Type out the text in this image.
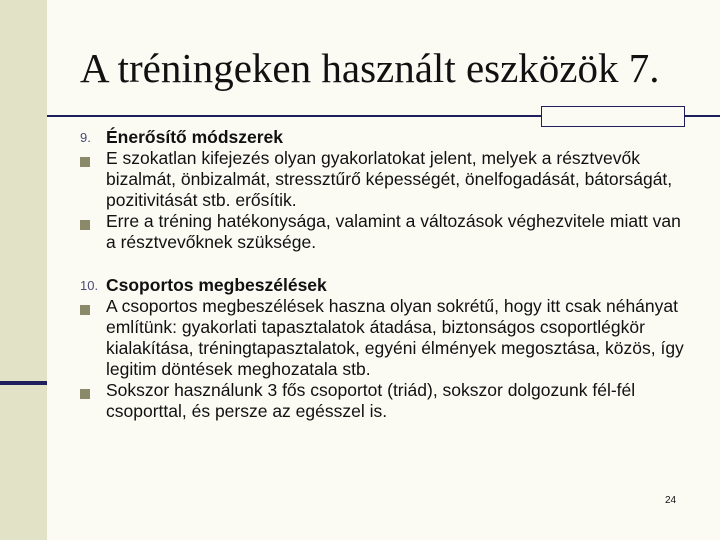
A tréningeken használt eszközök 7.
9. Énerősítő módszerek
E szokatlan kifejezés olyan gyakorlatokat jelent, melyek a résztvevők bizalmát, önbizalmát, stressztűrő képességét, önelfogadását, bátorságát, pozitivitását stb. erősítik.
Erre a tréning hatékonysága, valamint a változások véghezvitele miatt van a résztvevőknek szüksége.
10. Csoportos megbeszélések
A csoportos megbeszélések haszna olyan sokrétű, hogy itt csak néhányat említünk: gyakorlati tapasztalatok átadása, biztonságos csoportlégkör kialakítása, tréningtapasztalatok, egyéni élmények megosztása, közös, így legitim döntések meghozatala stb.
Sokszor használunk 3 fős csoportot (triád), sokszor dolgozunk fél-fél csoporttal, és persze az egésszel is.
24
